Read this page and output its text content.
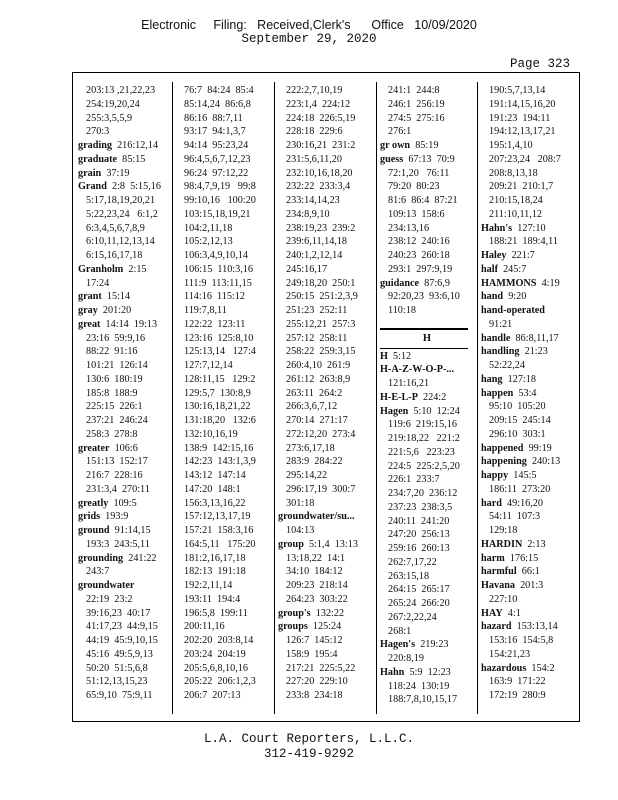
Electronic     Filing:   Received,Clerk's      Office   10/09/2020
September 29, 2020
Page 323
203:13 ,21,22,23
254:19,20,24
255:3,5,5,9
270:3
grading 216:12,14
graduate 85:15
grain 37:19
Grand 2:8  5:15,16
5:17,18,19,20,21
5:22,23,24   6:1,2
6:3,4,5,6,7,8,9
6:10,11,12,13,14
6:15,16,17,18
Granholm 2:15
17:24
grant 15:14
gray 201:20
great 14:14  19:13
23:16  59:9,16
88:22  91:16
101:21  126:14
130:6  180:19
185:8  188:9
225:15  226:1
237:21  246:24
258:3  278:8
greater 106:6
151:13  152:17
216:7  228:16
231:3,4  270:11
greatly 109:5
grids 193:9
ground 91:14,15
193:3  243:5,11
grounding 241:22
243:7
groundwater
22:19  23:2
39:16,23  40:17
41:17,23  44:9,15
44:19  45:9,10,15
45:16  49:5,9,13
50:20  51:5,6,8
51:12,13,15,23
65:9,10  75:9,11
76:7  84:24  85:4
85:14,24  86:6,8
86:16  88:7,11
93:17  94:1,3,7
94:14  95:23,24
96:4,5,6,7,12,23
96:24  97:12,22
98:4,7,9,19   99:8
99:10,16   100:20
103:15,18,19,21
104:2,11,18
105:2,12,13
106:3,4,9,10,14
106:15  110:3,16
111:9  113:11,15
114:16  115:12
119:7,8,11
122:22  123:11
123:16  125:8,10
125:13,14   127:4
127:7,12,14
128:11,15   129:2
129:5,7  130:8,9
130:16,18,21,22
131:18,20   132:6
132:10,16,19
138:9  142:15,16
142:23  143:1,3,9
143:12  147:14
147:20  148:1
156:3,13,16,22
157:12,13,17,19
157:21  158:3,16
164:5,11   175:20
181:2,16,17,18
182:13  191:18
192:2,11,14
193:11  194:4
196:5,8  199:11
200:11,16
202:20  203:8,14
203:24  204:19
205:5,6,8,10,16
205:22  206:1,2,3
206:7  207:13
222:2,7,10,19
223:1,4  224:12
224:18  226:5,19
228:18  229:6
230:16,21  231:2
231:5,6,11,20
232:10,16,18,20
232:22  233:3,4
233:14,14,23
234:8,9,10
238:19,23  239:2
239:6,11,14,18
240:1,2,12,14
245:16,17
249:18,20  250:1
250:15  251:2,3,9
251:23  252:11
255:12,21  257:3
257:12  258:11
258:22  259:3,15
260:4,10  261:9
261:12  263:8,9
263:11  264:2
266:3,6,7,12
270:14  271:17
272:12,20  273:4
273:6,17,18
283:9  284:22
295:14,22
296:17,19  300:7
301:18
groundwater/su...
104:13
group 5:1,4  13:13
13:18,22  14:1
34:10  184:12
209:23  218:14
264:23  303:22
group's 132:22
groups 125:24
126:7  145:12
158:9  195:4
217:21  225:5,22
227:20  229:10
233:8  234:18
241:1  244:8
246:1  256:19
274:5  275:16
276:1
gr own 85:19
guess 67:13  70:9
72:1,20   76:11
79:20  80:23
81:6  86:4  87:21
109:13  158:6
234:13,16
238:12  240:16
240:23  260:18
293:1  297:9,19
guidance 87:6,9
92:20,23  93:6,10
110:18
H
H 5:12
H-A-Z-W-O-P-...
121:16,21
H-E-L-P 224:2
Hagen 5:10  12:24
119:6  219:15,16
219:18,22   221:2
221:5,6   223:23
224:5  225:2,5,20
226:1  233:7
234:7,20  236:12
237:23  238:3,5
240:11  241:20
247:20  256:13
259:16  260:13
262:7,17,22
263:15,18
264:15  265:17
265:24  266:20
267:2,22,24
268:1
Hagen's 219:23
220:8,19
Hahn 5:9  12:23
118:24  130:19
188:7,8,10,15,17
190:5,7,13,14
191:14,15,16,20
191:23  194:11
194:12,13,17,21
195:1,4,10
207:23,24   208:7
208:8,13,18
209:21  210:1,7
210:15,18,24
211:10,11,12
Hahn's 127:10
188:21  189:4,11
Haley 221:7
half 245:7
HAMMONS 4:19
hand 9:20
hand-operated
91:21
handle 86:8,11,17
handling 21:23
52:22,24
hang 127:18
happen 53:4
95:10  105:20
209:15  245:14
296:10  303:1
happened 99:19
happening 240:13
happy 145:5
186:11  273:20
hard 49:16,20
54:11  107:3
129:18
HARDIN 2:13
harm 176:15
harmful 66:1
Havana 201:3
227:10
HAY 4:1
hazard 153:13,14
153:16  154:5,8
154:21,23
hazardous 154:2
163:9  171:22
172:19  280:9
L.A. Court Reporters, L.L.C.
312-419-9292
